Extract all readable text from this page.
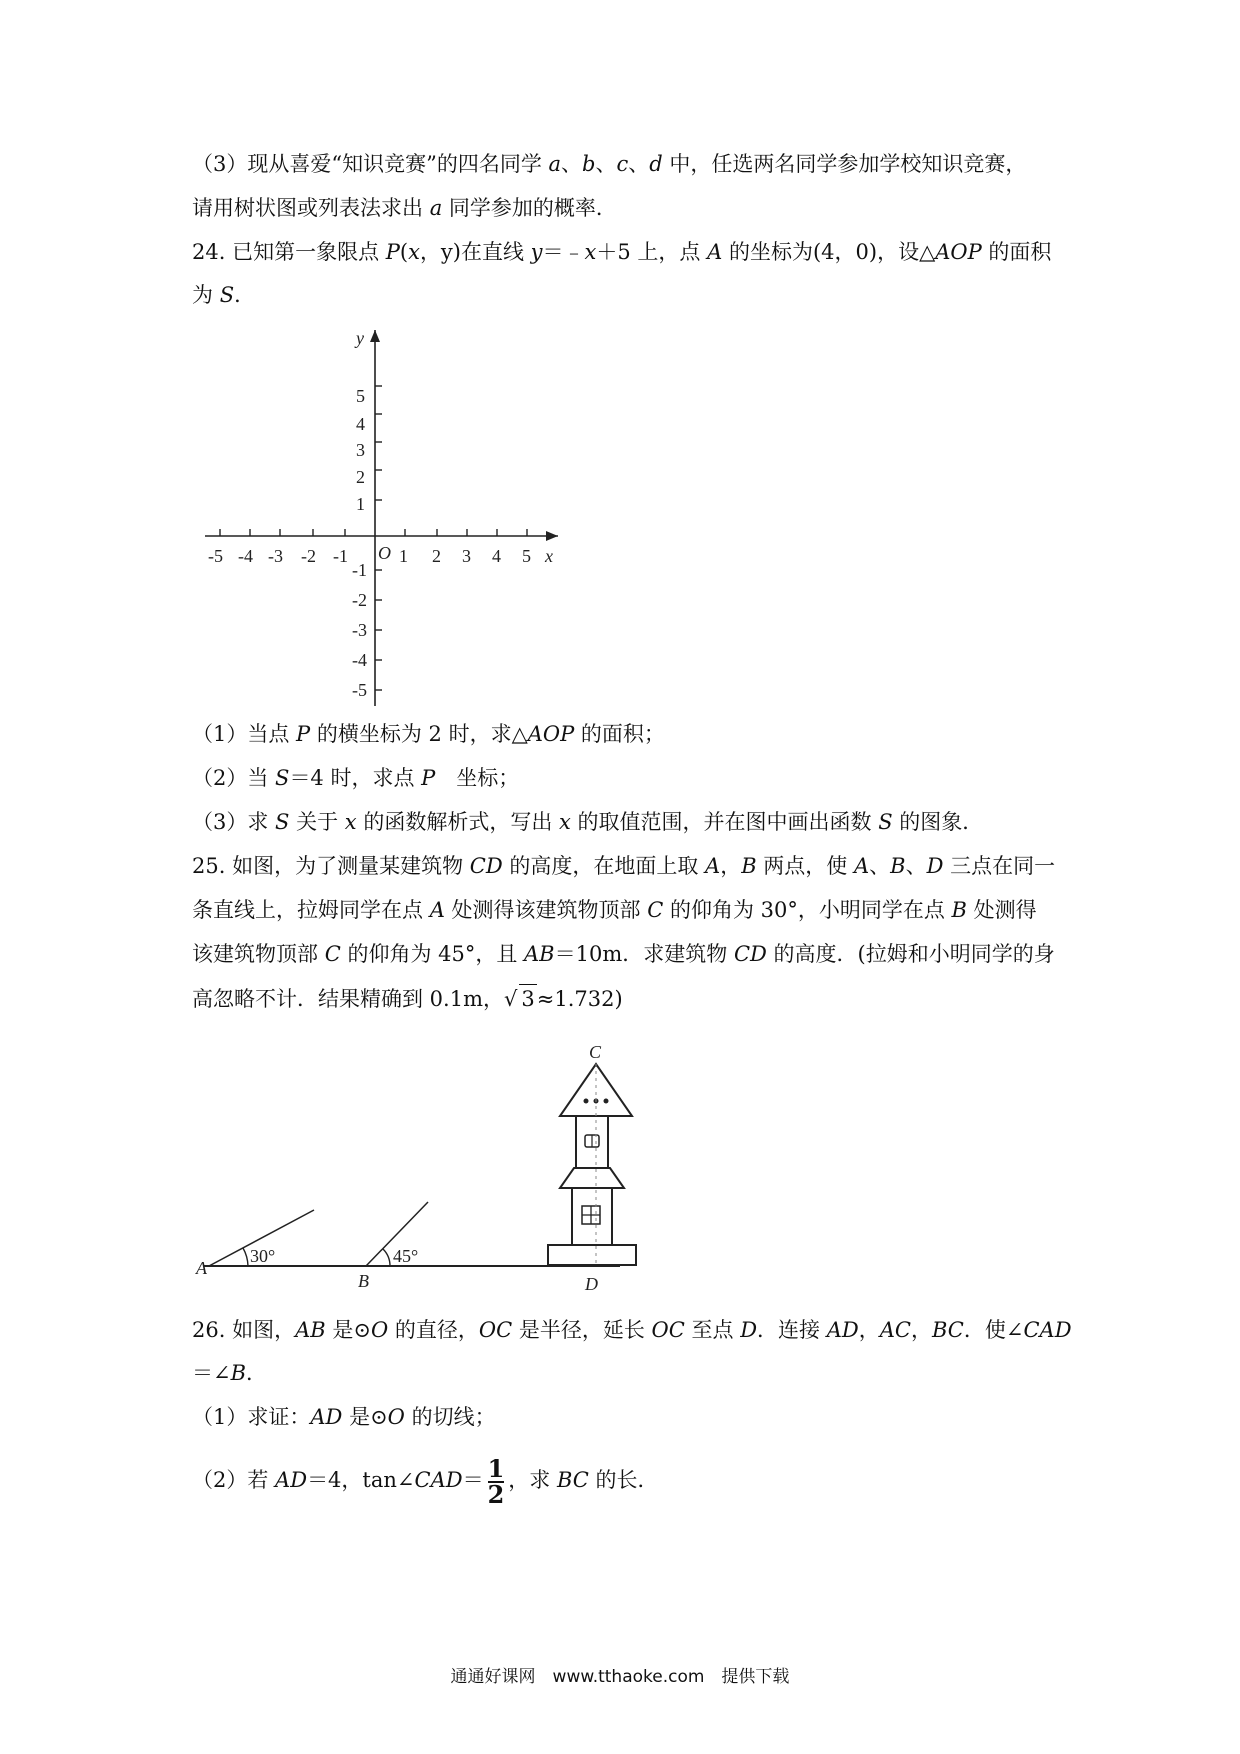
（3）现从喜爱“知识竞赛”的四名同学 a、b、c、d 中，任选两名同学参加学校知识竞赛，
请用树状图或列表法求出 a 同学参加的概率．
24. 已知第一象限点 P(x，y)在直线 y＝﹣x＋5 上，点 A 的坐标为(4，0)，设△AOP 的面积
为 S．
y
x
O
-5 -4 -3 -2 -1	1 2 3 4 5
5
4
3
2
1
-1
-2
-3
-4
-5
（1）当点 P 的横坐标为 2 时，求△AOP 的面积；
（2）当 S＝4 时，求点 P　坐标；
（3）求 S 关于 x 的函数解析式，写出 x 的取值范围，并在图中画出函数 S 的图象．
25. 如图，为了测量某建筑物 CD 的高度，在地面上取 A，B 两点，使 A、B、D 三点在同一
条直线上，拉姆同学在点 A 处测得该建筑物顶部 C 的仰角为 30°，小明同学在点 B 处测得
该建筑物顶部 C 的仰角为 45°，且 AB＝10m．求建筑物 CD 的高度．(拉姆和小明同学的身
高忽略不计．结果精确到 0.1m，√ 3≈1.732)
C
A
B	D
30°	45°
26. 如图，AB 是⊙O 的直径，OC 是半径，延长 OC 至点 D．连接 AD，AC，BC．使∠CAD
＝∠B．
（1）求证：AD 是⊙O 的切线；
（2）若 AD＝4，tan∠CAD＝ $\frac{1}{2}$ ，求 BC 的长．
通通好课网　www.tthaoke.com　提供下载
